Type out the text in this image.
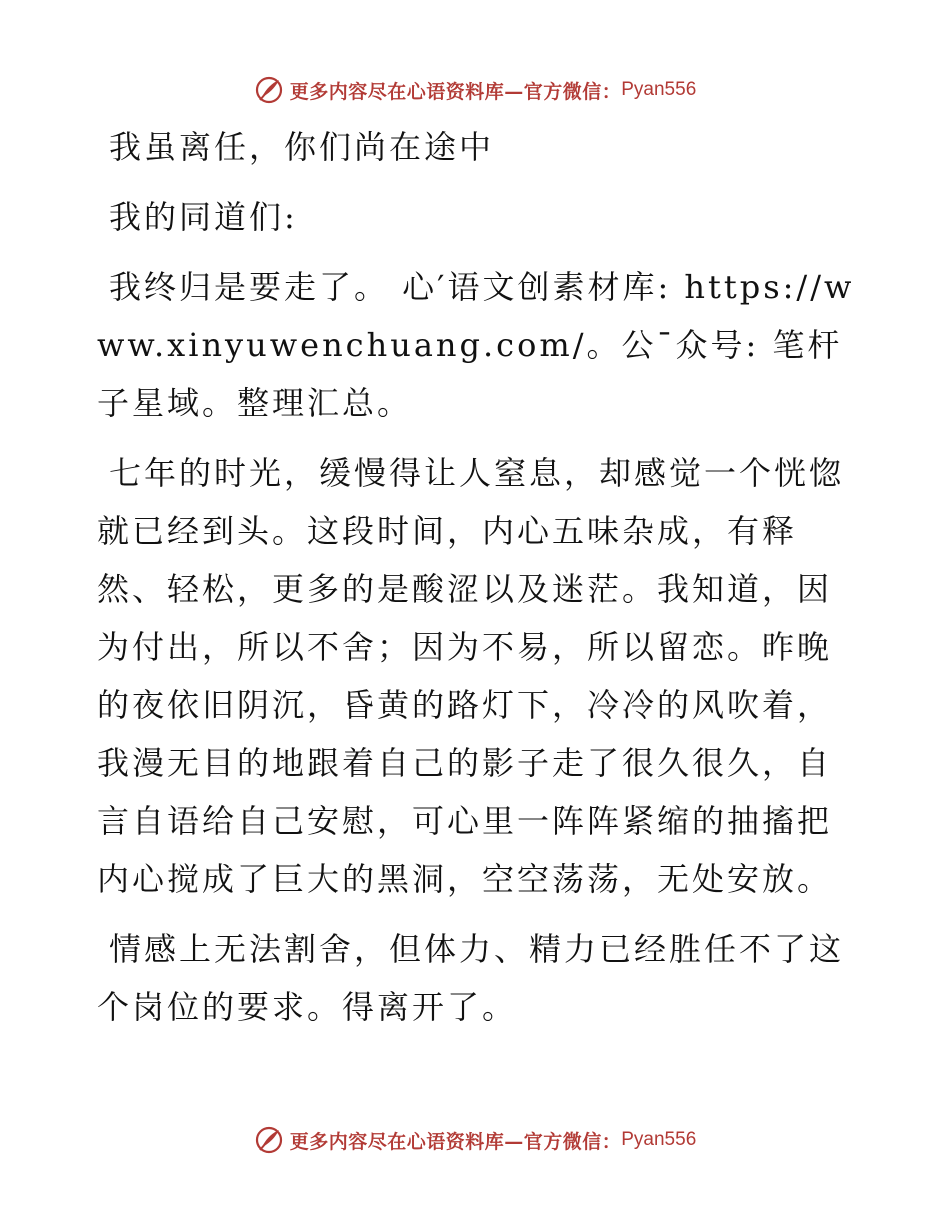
更多内容尽在心语资料库—官方微信： Pyan556

我虽离任，你们尚在途中

我的同道们:

我终归是要走了。 心′语文创素材库: https://www.xinyuwenchuang.com/。公¯众号: 笔杆子星域。整理汇总。

七年的时光，缓慢得让人窒息，却感觉一个恍惚就已经到头。这段时间，内心五味杂成，有释然、轻松，更多的是酸涩以及迷茫。我知道，因为付出，所以不舍；因为不易，所以留恋。昨晚的夜依旧阴沉，昏黄的路灯下，冷冷的风吹着，我漫无目的地跟着自己的影子走了很久很久，自言自语给自己安慰，可心里一阵阵紧缩的抽搐把内心搅成了巨大的黑洞，空空荡荡，无处安放。

情感上无法割舍，但体力、精力已经胜任不了这个岗位的要求。得离开了。

更多内容尽在心语资料库—官方微信： Pyan556
